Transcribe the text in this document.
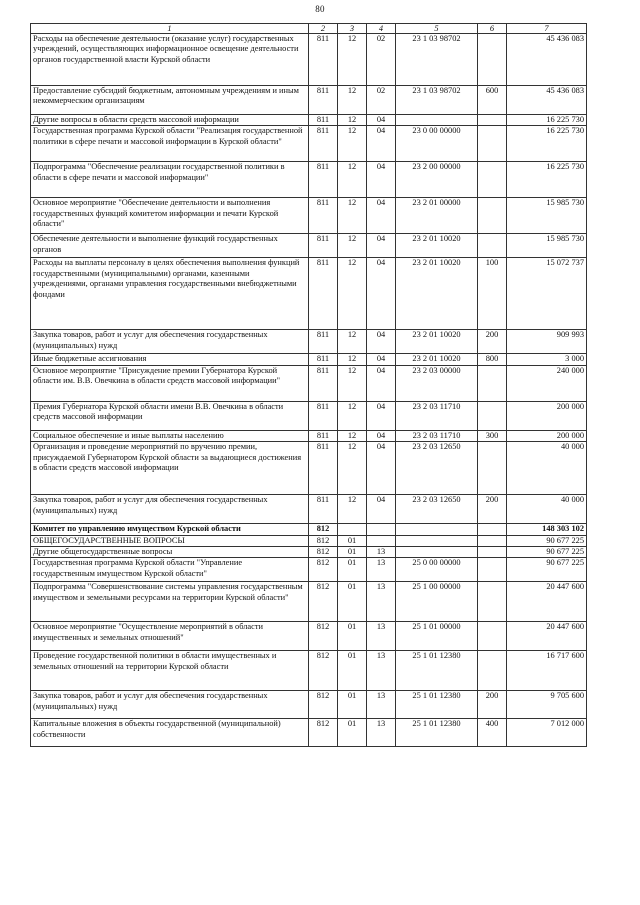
80
1	2	3	4	5	6	7
Расходы на обеспечение деятельности (оказание услуг) государственных учреждений, осуществляющих информационное освещение деятельности органов государственной власти Курской области	811	12	02	23 1 03 98702		45 436 083
Предоставление субсидий бюджетным, автономным учреждениям и иным некоммерческим организациям	811	12	02	23 1 03 98702	600	45 436 083
Другие вопросы в области средств массовой информации	811	12	04			16 225 730
Государственная программа Курской области "Реализация государственной политики в сфере печати и массовой информации в Курской области"	811	12	04	23 0 00 00000		16 225 730
Подпрограмма "Обеспечение реализации государственной политики в области в сфере печати и массовой информации"	811	12	04	23 2 00 00000		16 225 730
Основное мероприятие "Обеспечение деятельности и выполнения государственных функций комитетом информации и печати Курской области"	811	12	04	23 2 01 00000		15 985 730
Обеспечение деятельности и выполнение функций государственных органов	811	12	04	23 2 01 10020		15 985 730
Расходы на выплаты персоналу в целях обеспечения выполнения функций государственными (муниципальными) органами, казенными учреждениями, органами управления государственными внебюджетными фондами	811	12	04	23 2 01 10020	100	15 072 737
Закупка товаров, работ и услуг для обеспечения государственных (муниципальных) нужд	811	12	04	23 2 01 10020	200	909 993
Иные бюджетные ассигнования	811	12	04	23 2 01 10020	800	3 000
Основное мероприятие "Присуждение премии Губернатора Курской области им. В.В. Овечкина в области средств массовой информации"	811	12	04	23 2 03 00000		240 000
Премия Губернатора Курской области имени В.В. Овечкина в области средств массовой информации	811	12	04	23 2 03 11710		200 000
Социальное обеспечение и иные выплаты населению	811	12	04	23 2 03 11710	300	200 000
Организация и проведение мероприятий по вручению премии, присуждаемой Губернатором Курской области за выдающиеся достижения в области средств массовой информации	811	12	04	23 2 03 12650		40 000
Закупка товаров, работ и услуг для обеспечения государственных (муниципальных) нужд	811	12	04	23 2 03 12650	200	40 000
Комитет по управлению имуществом Курской области	812					148 303 102
ОБЩЕГОСУДАРСТВЕННЫЕ ВОПРОСЫ	812	01				90 677 225
Другие общегосударственные вопросы	812	01	13			90 677 225
Государственная программа Курской области "Управление государственным имуществом Курской области"	812	01	13	25 0 00 00000		90 677 225
Подпрограмма "Совершенствование системы управления государственным имуществом и земельными ресурсами на территории Курской области"	812	01	13	25 1 00 00000		20 447 600
Основное мероприятие "Осуществление мероприятий в области имущественных и земельных отношений"	812	01	13	25 1 01 00000		20 447 600
Проведение государственной политики в области имущественных и земельных отношений на территории Курской области	812	01	13	25 1 01 12380		16 717 600
Закупка товаров, работ и услуг для обеспечения государственных (муниципальных) нужд	812	01	13	25 1 01 12380	200	9 705 600
Капитальные вложения в объекты государственной (муниципальной) собственности	812	01	13	25 1 01 12380	400	7 012 000
